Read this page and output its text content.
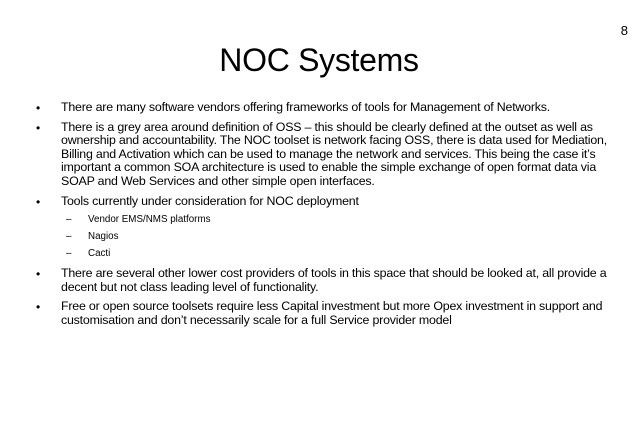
8
NOC Systems
• There are many software vendors offering frameworks of tools for Management of Networks.
• There is a grey area around definition of OSS – this should be clearly defined at the outset as well as ownership and accountability. The NOC toolset is network facing OSS, there is data used for Mediation, Billing and Activation which can be used to manage the network and services. This being the case it’s important a common SOA architecture is used to enable the simple exchange of open format data via SOAP and Web Services and other simple open interfaces.
• Tools currently under consideration for NOC deployment
– Vendor EMS/NMS platforms
– Nagios
– Cacti
• There are several other lower cost providers of tools in this space that should be looked at, all provide a decent but not class leading level of functionality.
• Free or open source toolsets require less Capital investment but more Opex investment in support and customisation and don’t necessarily scale for a full Service provider model
